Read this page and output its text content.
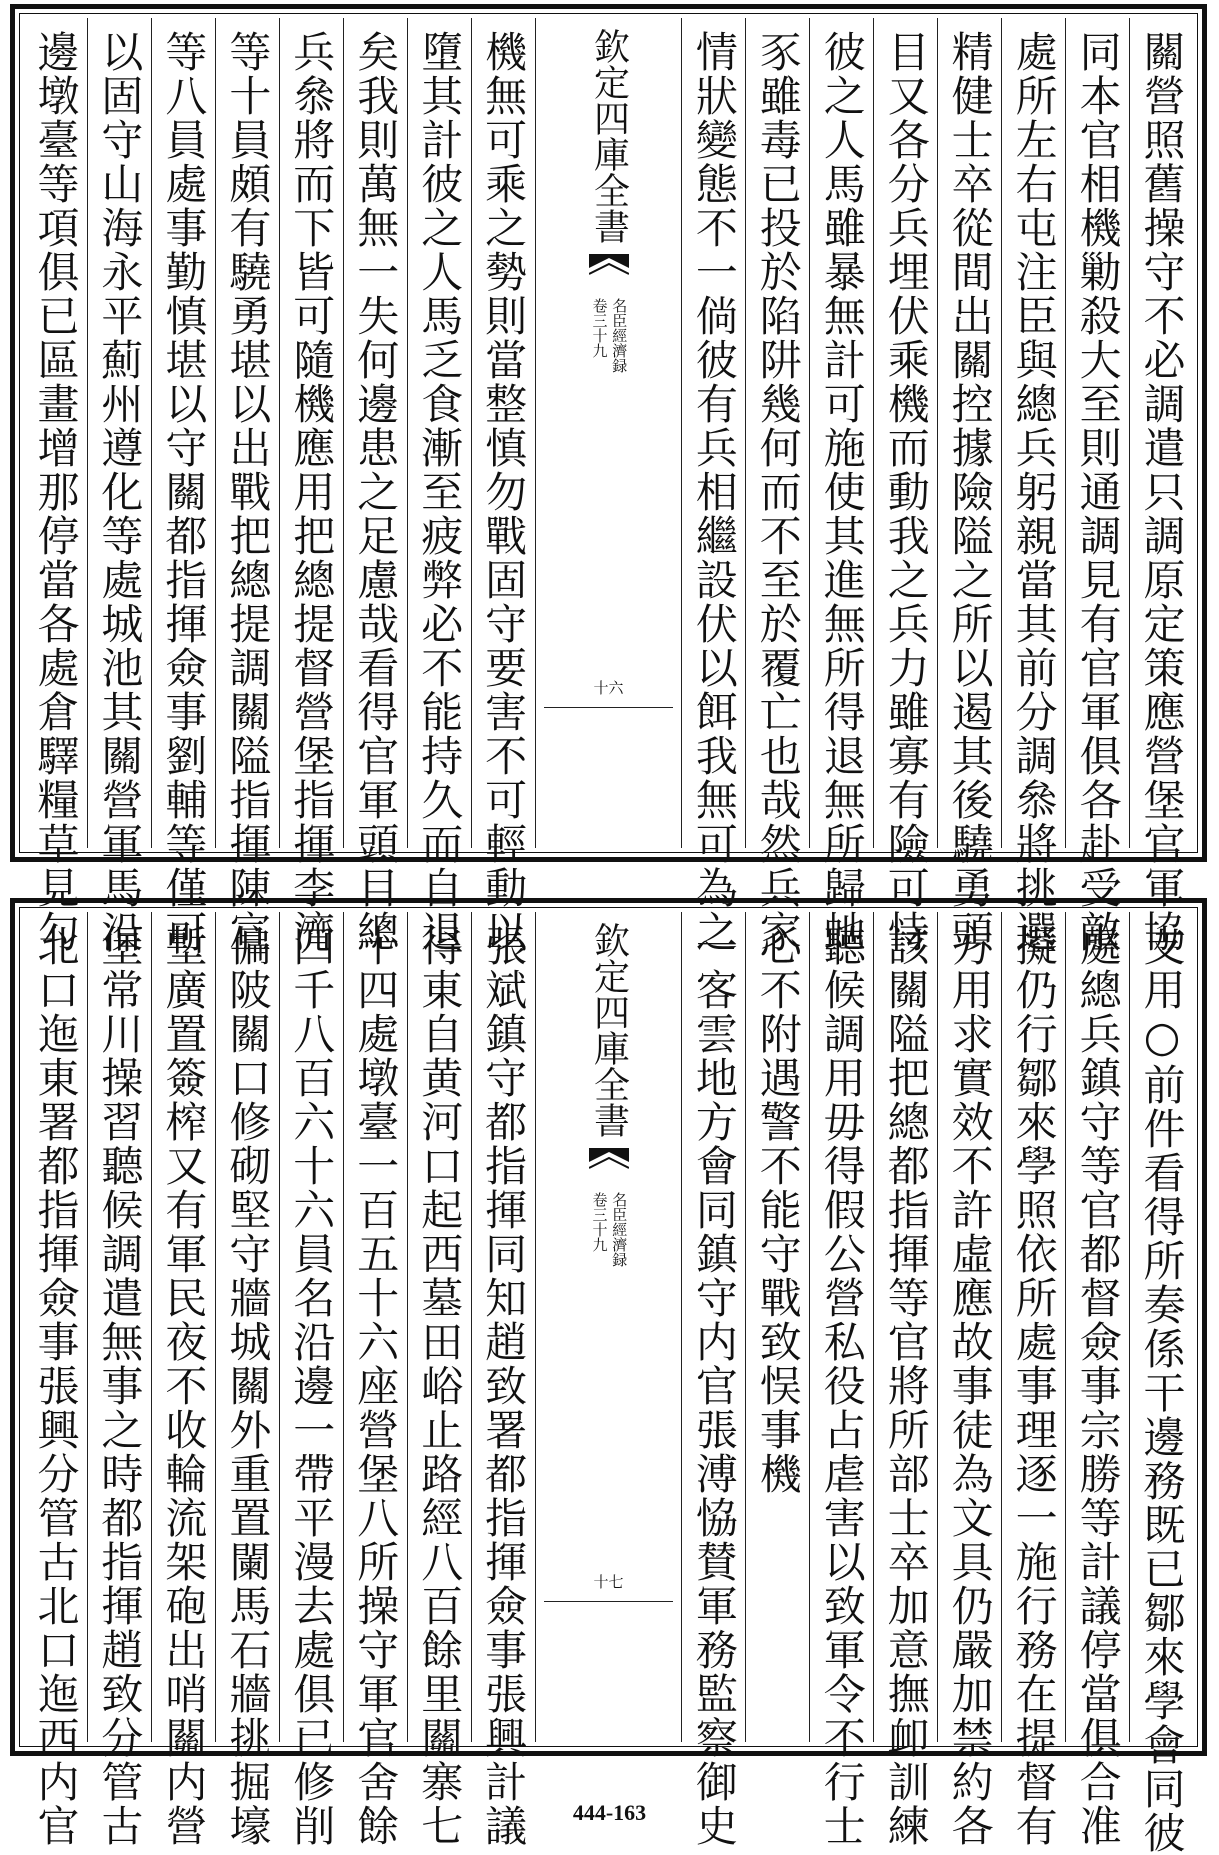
關營照舊操守不必調遣只調原定策應營堡官軍協
同本官相機勦殺大至則通調見有官軍俱各赴受敵
處所左右屯注臣與總兵躬親當其前分調叅將挑選
精健士卒從間出關控據險隘之所以遏其後驍勇頭
目又各分兵埋伏乘機而動我之兵力雖寡有險可恃
彼之人馬雖暴無計可施使其進無所得退無所歸虵
豕雖毒已投於陷阱幾何而不至於覆亡也哉然兵家
情狀變態不一倘彼有兵相繼設伏以餌我無可為之
欽定四庫全書
名臣經濟録
卷三十九
十六
機無可乘之勢則當整慎勿戰固守要害不可輕動以
墮其計彼之人馬乏食漸至疲弊必不能持久而自退
矣我則萬無一失何邊患之足慮哉看得官軍頭目總
兵叅將而下皆可隨機應用把總提督營堡指揮李濟
等十員頗有驍勇堪以出戰把總提調關隘指揮陳宣
等八員處事勤慎堪以守關都指揮僉事劉輔等僅可
以固守山海永平薊州遵化等處城池其關營軍馬沿
邊墩臺等項俱已區畫增那停當各處倉驛糧草見勾
支用○前件看得所奏係干邊務既已鄒來學會同彼
處總兵鎮守等官都督僉事宗勝等計議停當俱合准
擬仍行鄒來學照依所處事理逐一施行務在提督有
方用求實效不許虛應故事徒為文具仍嚴加禁約各
該關隘把總都指揮等官將所部士卒加意撫卹訓練
聽候調用毋得假公營私役占虐害以致軍令不行士
心不附遇警不能守戰致悮事機
一客雲地方會同鎮守内官張溥恊賛軍務監察御史
欽定四庫全書
名臣經濟録
卷三十九
十七
張斌鎮守都指揮同知趙致署都指揮僉事張興計議
得東自黄河口起西墓田峪止路經八百餘里關寨七
十四處墩臺一百五十六座營堡八所操守軍官舍餘
四千八百六十六員名沿邊一帶平漫去處俱已修削
偏陂關口修砌堅守牆城關外重置闌馬石牆挑掘壕
塹廣置簽榨又有軍民夜不收輪流架砲出哨關内營
堡常川操習聽候調遣無事之時都指揮趙致分管古
北口迤東署都指揮僉事張興分管古北口迤西内官	444-163
